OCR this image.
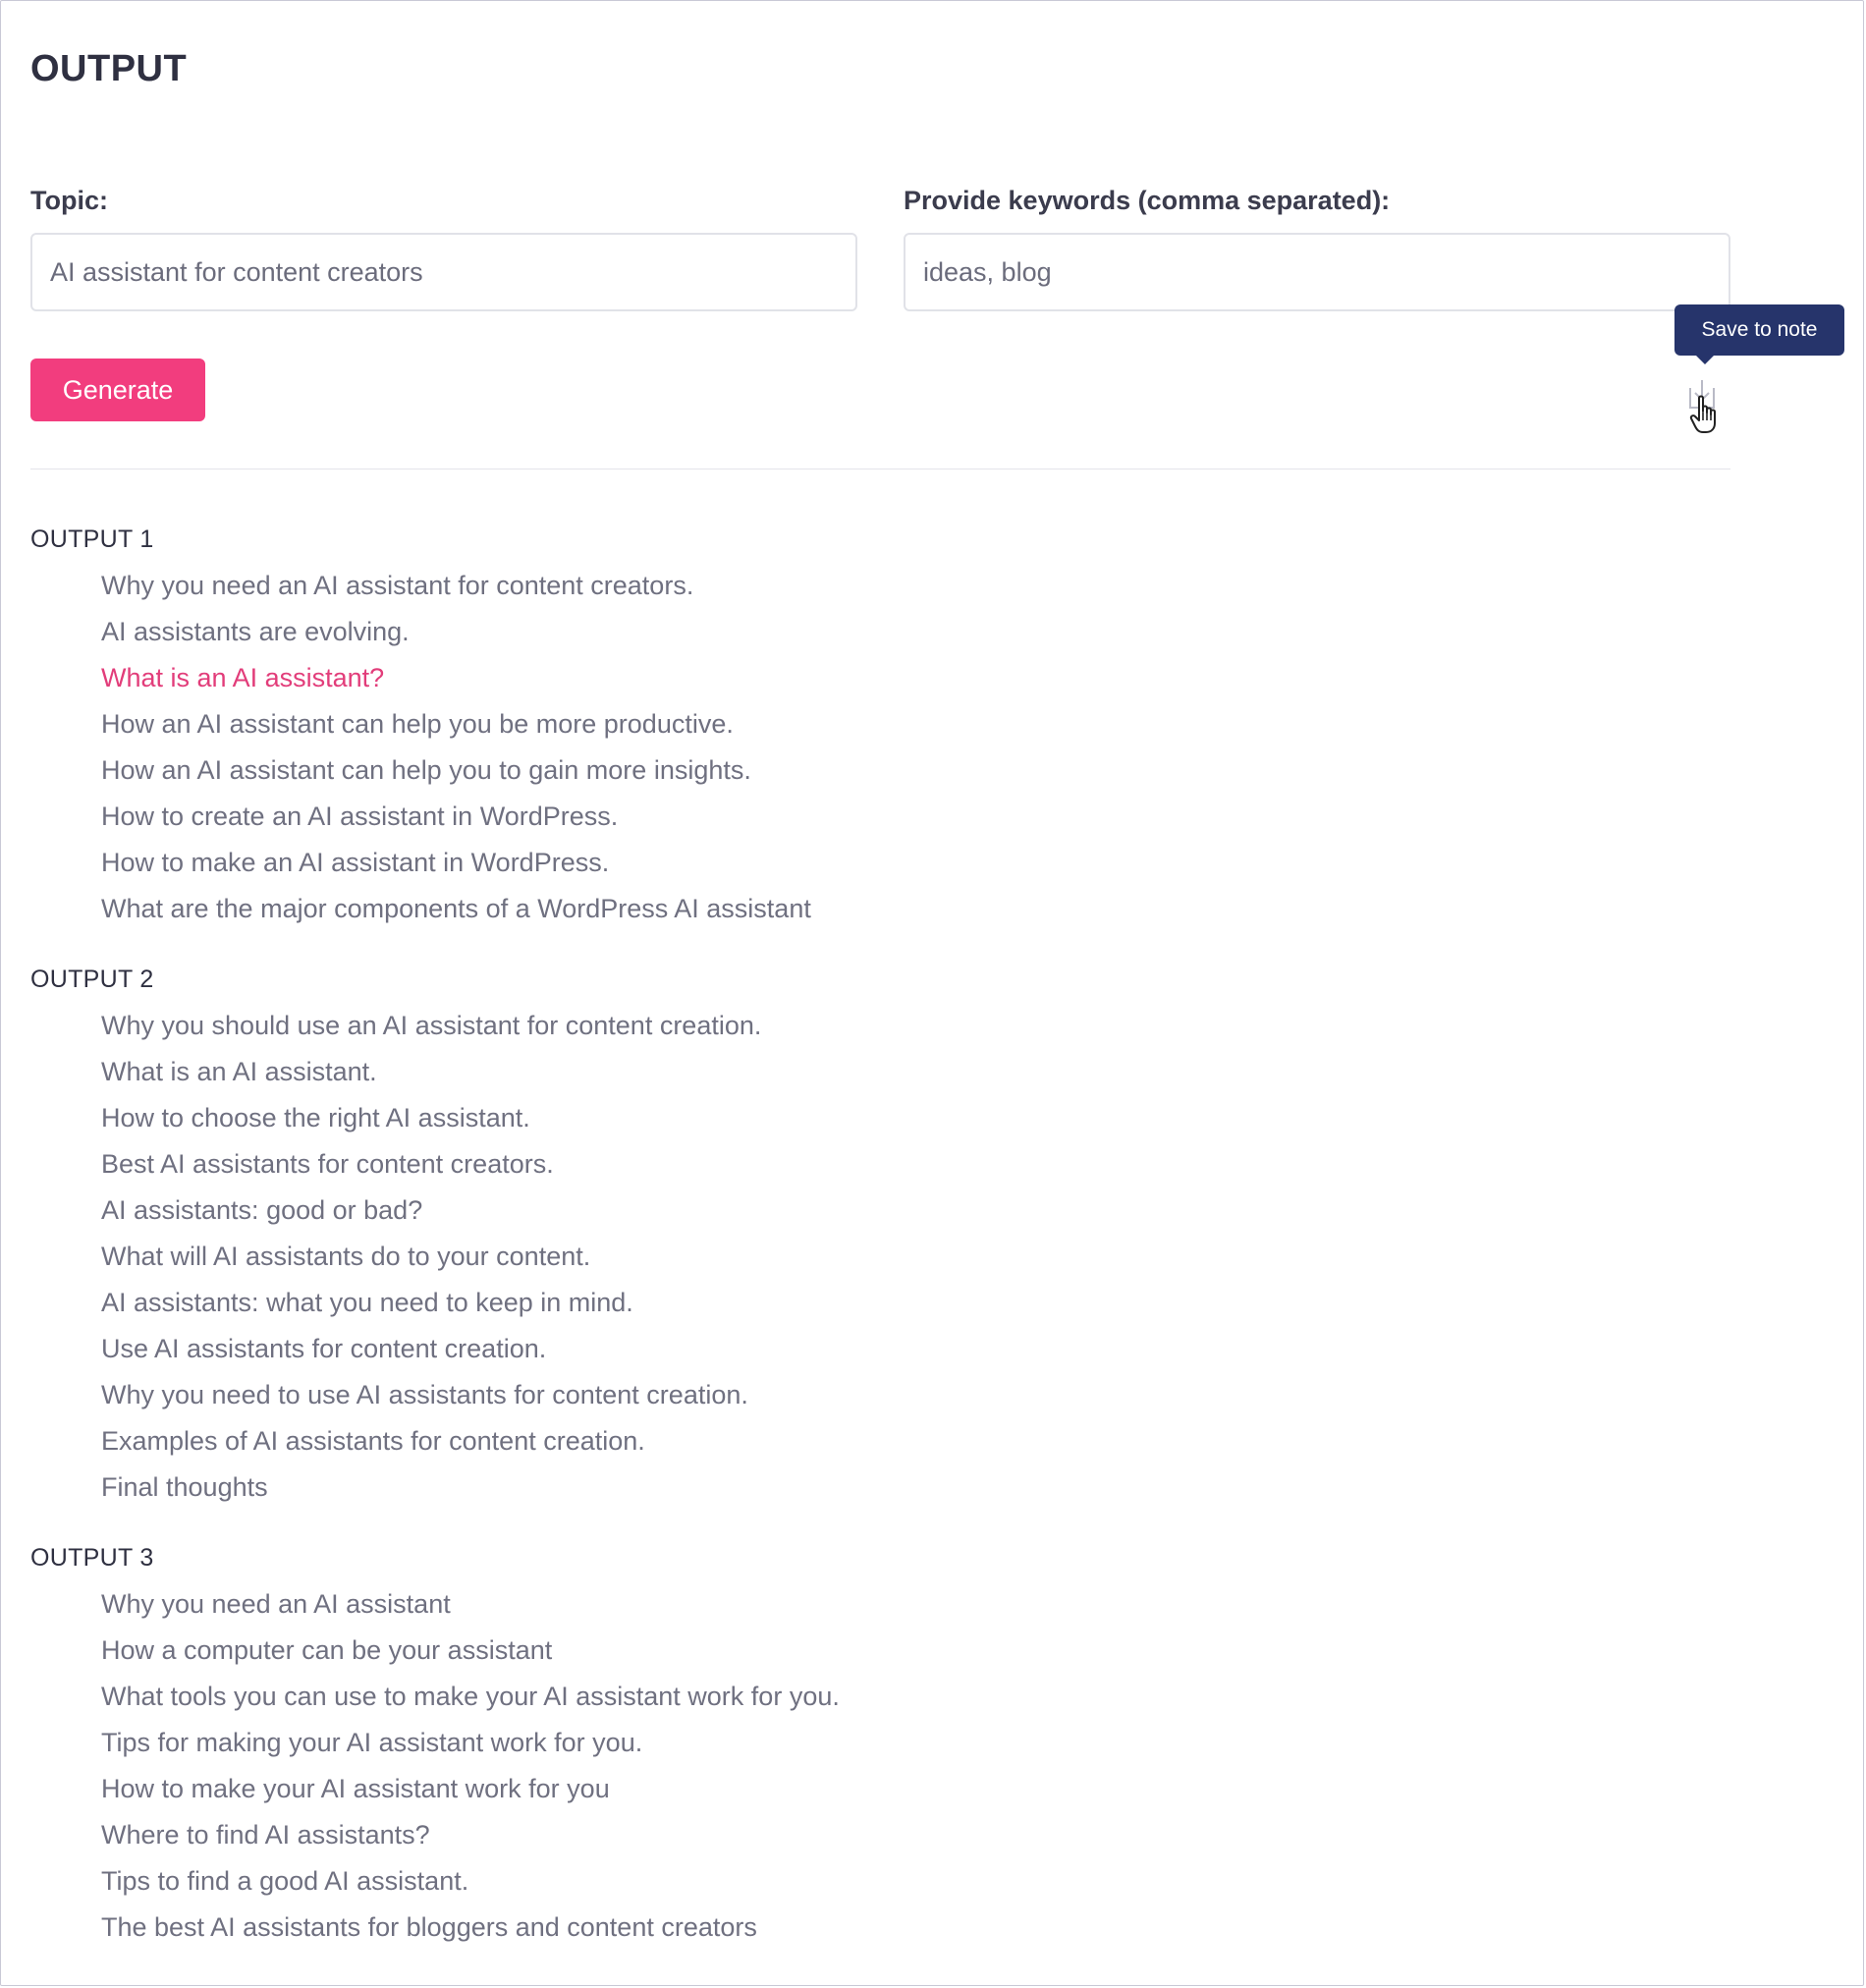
OUTPUT
Topic:
AI assistant for content creators	Provide keywords (comma separated):
ideas, blog
Generate
Save to note
OUTPUT 1
Why you need an AI assistant for content creators.
AI assistants are evolving.
What is an AI assistant?
How an AI assistant can help you be more productive.
How an AI assistant can help you to gain more insights.
How to create an AI assistant in WordPress.
How to make an AI assistant in WordPress.
What are the major components of a WordPress AI assistant
OUTPUT 2
Why you should use an AI assistant for content creation.
What is an AI assistant.
How to choose the right AI assistant.
Best AI assistants for content creators.
AI assistants: good or bad?
What will AI assistants do to your content.
AI assistants: what you need to keep in mind.
Use AI assistants for content creation.
Why you need to use AI assistants for content creation.
Examples of AI assistants for content creation.
Final thoughts
OUTPUT 3
Why you need an AI assistant
How a computer can be your assistant
What tools you can use to make your AI assistant work for you.
Tips for making your AI assistant work for you.
How to make your AI assistant work for you
Where to find AI assistants?
Tips to find a good AI assistant.
The best AI assistants for bloggers and content creators
